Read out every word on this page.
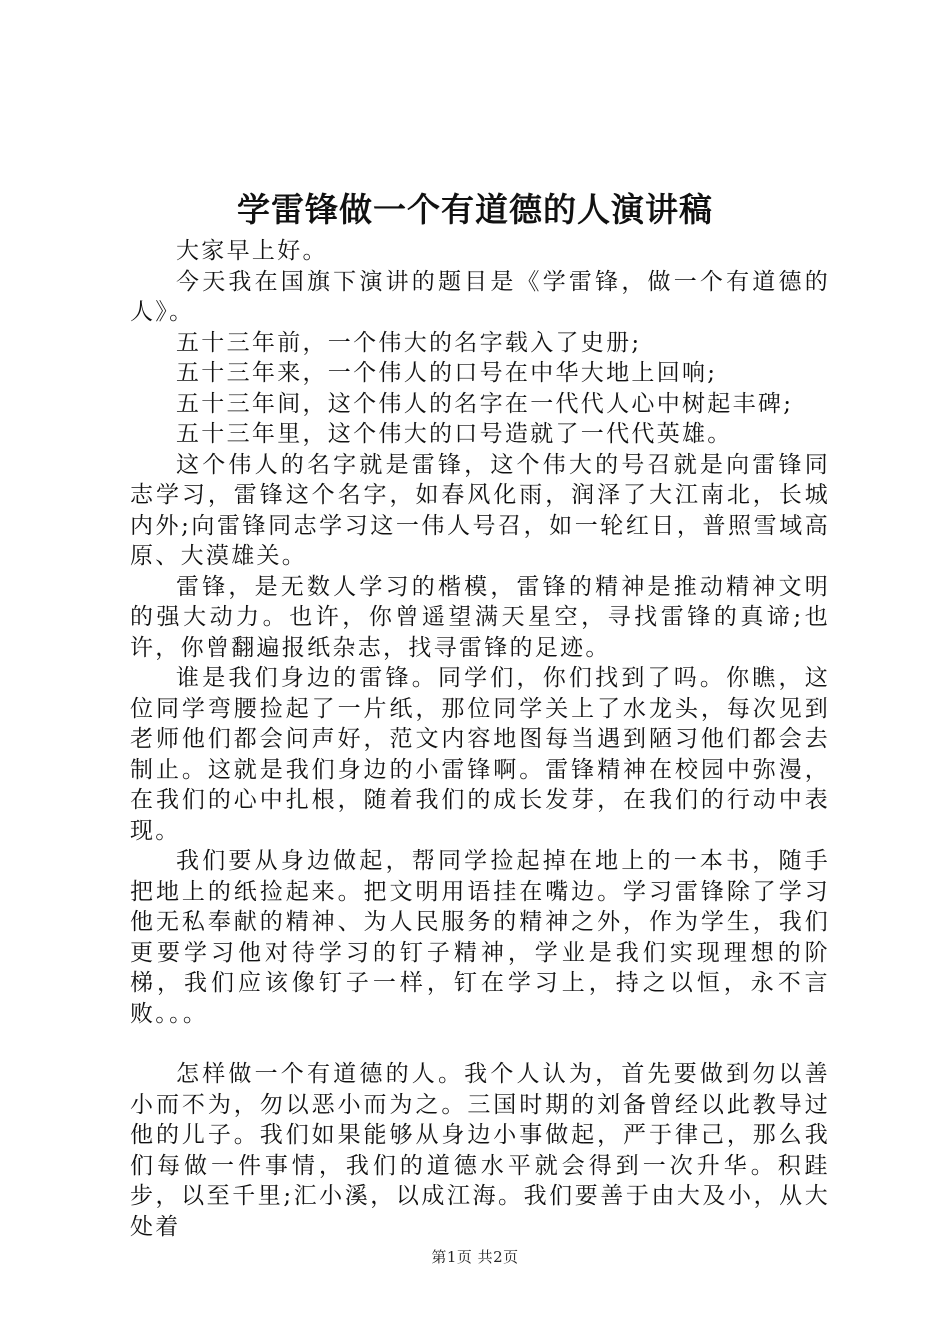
学雷锋做一个有道德的人演讲稿

大家早上好。

今天我在国旗下演讲的题目是《学雷锋，做一个有道德的人》。

五十三年前，一个伟大的名字载入了史册;

五十三年来，一个伟人的口号在中华大地上回响;

五十三年间，这个伟人的名字在一代代人心中树起丰碑;

五十三年里，这个伟大的口号造就了一代代英雄。

这个伟人的名字就是雷锋，这个伟大的号召就是向雷锋同志学习，雷锋这个名字，如春风化雨，润泽了大江南北，长城内外;向雷锋同志学习这一伟人号召，如一轮红日，普照雪域高原、大漠雄关。

雷锋，是无数人学习的楷模，雷锋的精神是推动精神文明的强大动力。也许，你曾遥望满天星空，寻找雷锋的真谛;也许，你曾翻遍报纸杂志，找寻雷锋的足迹。

谁是我们身边的雷锋。同学们，你们找到了吗。你瞧，这位同学弯腰捡起了一片纸，那位同学关上了水龙头，每次见到老师他们都会问声好，范文内容地图每当遇到陋习他们都会去制止。这就是我们身边的小雷锋啊。雷锋精神在校园中弥漫，在我们的心中扎根，随着我们的成长发芽，在我们的行动中表现。

我们要从身边做起，帮同学捡起掉在地上的一本书，随手把地上的纸捡起来。把文明用语挂在嘴边。学习雷锋除了学习他无私奉献的精神、为人民服务的精神之外，作为学生，我们更要学习他对待学习的钉子精神，学业是我们实现理想的阶梯，我们应该像钉子一样，钉在学习上，持之以恒，永不言败。。。

怎样做一个有道德的人。我个人认为，首先要做到勿以善小而不为，勿以恶小而为之。三国时期的刘备曾经以此教导过他的儿子。我们如果能够从身边小事做起，严于律己，那么我们每做一件事情，我们的道德水平就会得到一次升华。积跬步，以至千里;汇小溪，以成江海。我们要善于由大及小，从大处着

第1页 共2页
